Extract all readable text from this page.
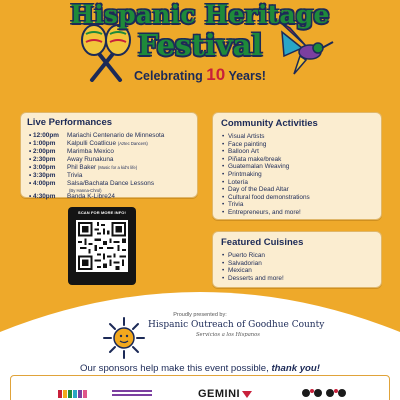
Hispanic Heritage
Festival
Celebrating 10 Years!
Live Performances
• 12:00pm	Mariachi Centenario de Minnesota
• 1:00pm	Kalpulli Coatlicue (Aztec Dancers)
• 2:00pm	Marimba Mexico
• 2:30pm	Away Runakuna
• 3:00pm	Phil Baker (Music for a kid's life)
• 3:30pm	Trivia
• 4:00pm	Salsa/Bachata Dance Lessons
(By Hanna-Chrol)
• 4:30pm	Banda K-Libre24
Community Activities
• Visual Artists
• Face painting
• Balloon Art
• Piñata make/break
• Guatemalan Weaving
• Printmaking
• Lotería
• Day of the Dead Altar
• Cultural food demonstrations
• Trivia
• Entrepreneurs, and more!
SCAN FOR MORE INFO!
Featured Cuisines
• Puerto Rican
• Salvadorian
• Mexican
• Desserts and more!
Proudly presented by:
Hispanic Outreach of Goodhue County
Servicios a los Hispanos
Our sponsors help make this event possible, thank you!
GEMINI
